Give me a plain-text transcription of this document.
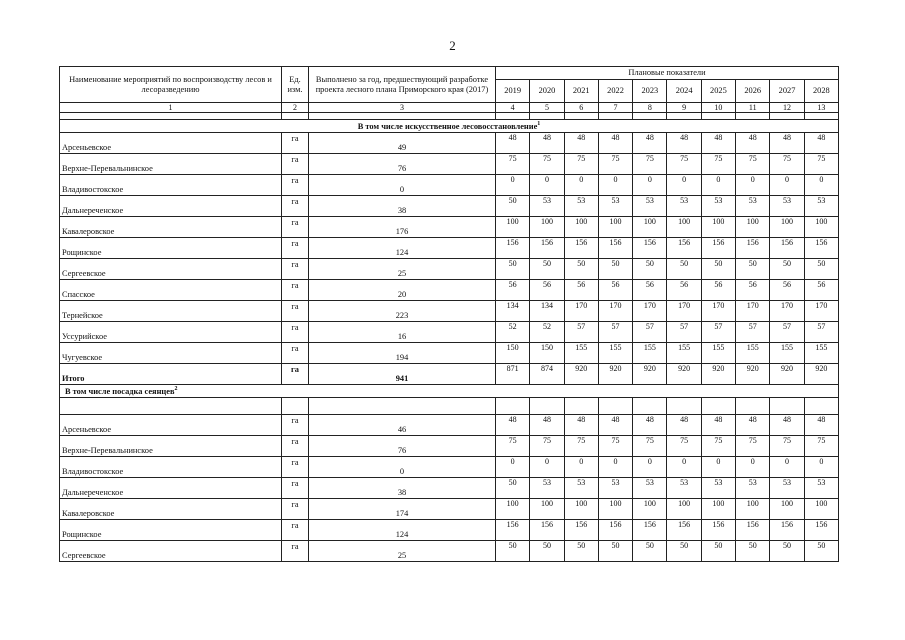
2
Наименование мероприятий по воспроизводству лесов и лесоразведению	Ед. изм.	Выполнено за год, предшествующий разработке проекта лесного плана Приморского края (2017)	Плановые показатели									
			2019	2020	2021	2022	2023	2024	2025	2026	2027	2028
1	2	3	4	5	6	7	8	9	10	11	12	13

В том числе искусственное лесовосстановление$^1$
Арсеньевское	га	49	48	48	48	48	48	48	48	48	48	48
Верхне-Перевальнинское	га	76	75	75	75	75	75	75	75	75	75	75
Владивостокское	га	0	0	0	0	0	0	0	0	0	0	0
Дальнереченское	га	38	50	53	53	53	53	53	53	53	53	53
Кавалеровское	га	176	100	100	100	100	100	100	100	100	100	100
Рощинское	га	124	156	156	156	156	156	156	156	156	156	156
Сергеевское	га	25	50	50	50	50	50	50	50	50	50	50
Спасское	га	20	56	56	56	56	56	56	56	56	56	56
Тернейское	га	223	134	134	170	170	170	170	170	170	170	170
Уссурийское	га	16	52	52	57	57	57	57	57	57	57	57
Чугуевское	га	194	150	150	155	155	155	155	155	155	155	155
Итого	га	941	871	874	920	920	920	920	920	920	920	920
В том числе посадка сеянцев$^2$

Арсеньевское	га	46	48	48	48	48	48	48	48	48	48	48
Верхне-Перевальнинское	га	76	75	75	75	75	75	75	75	75	75	75
Владивостокское	га	0	0	0	0	0	0	0	0	0	0	0
Дальнереченское	га	38	50	53	53	53	53	53	53	53	53	53
Кавалеровское	га	174	100	100	100	100	100	100	100	100	100	100
Рощинское	га	124	156	156	156	156	156	156	156	156	156	156
Сергеевское	га	25	50	50	50	50	50	50	50	50	50	50
